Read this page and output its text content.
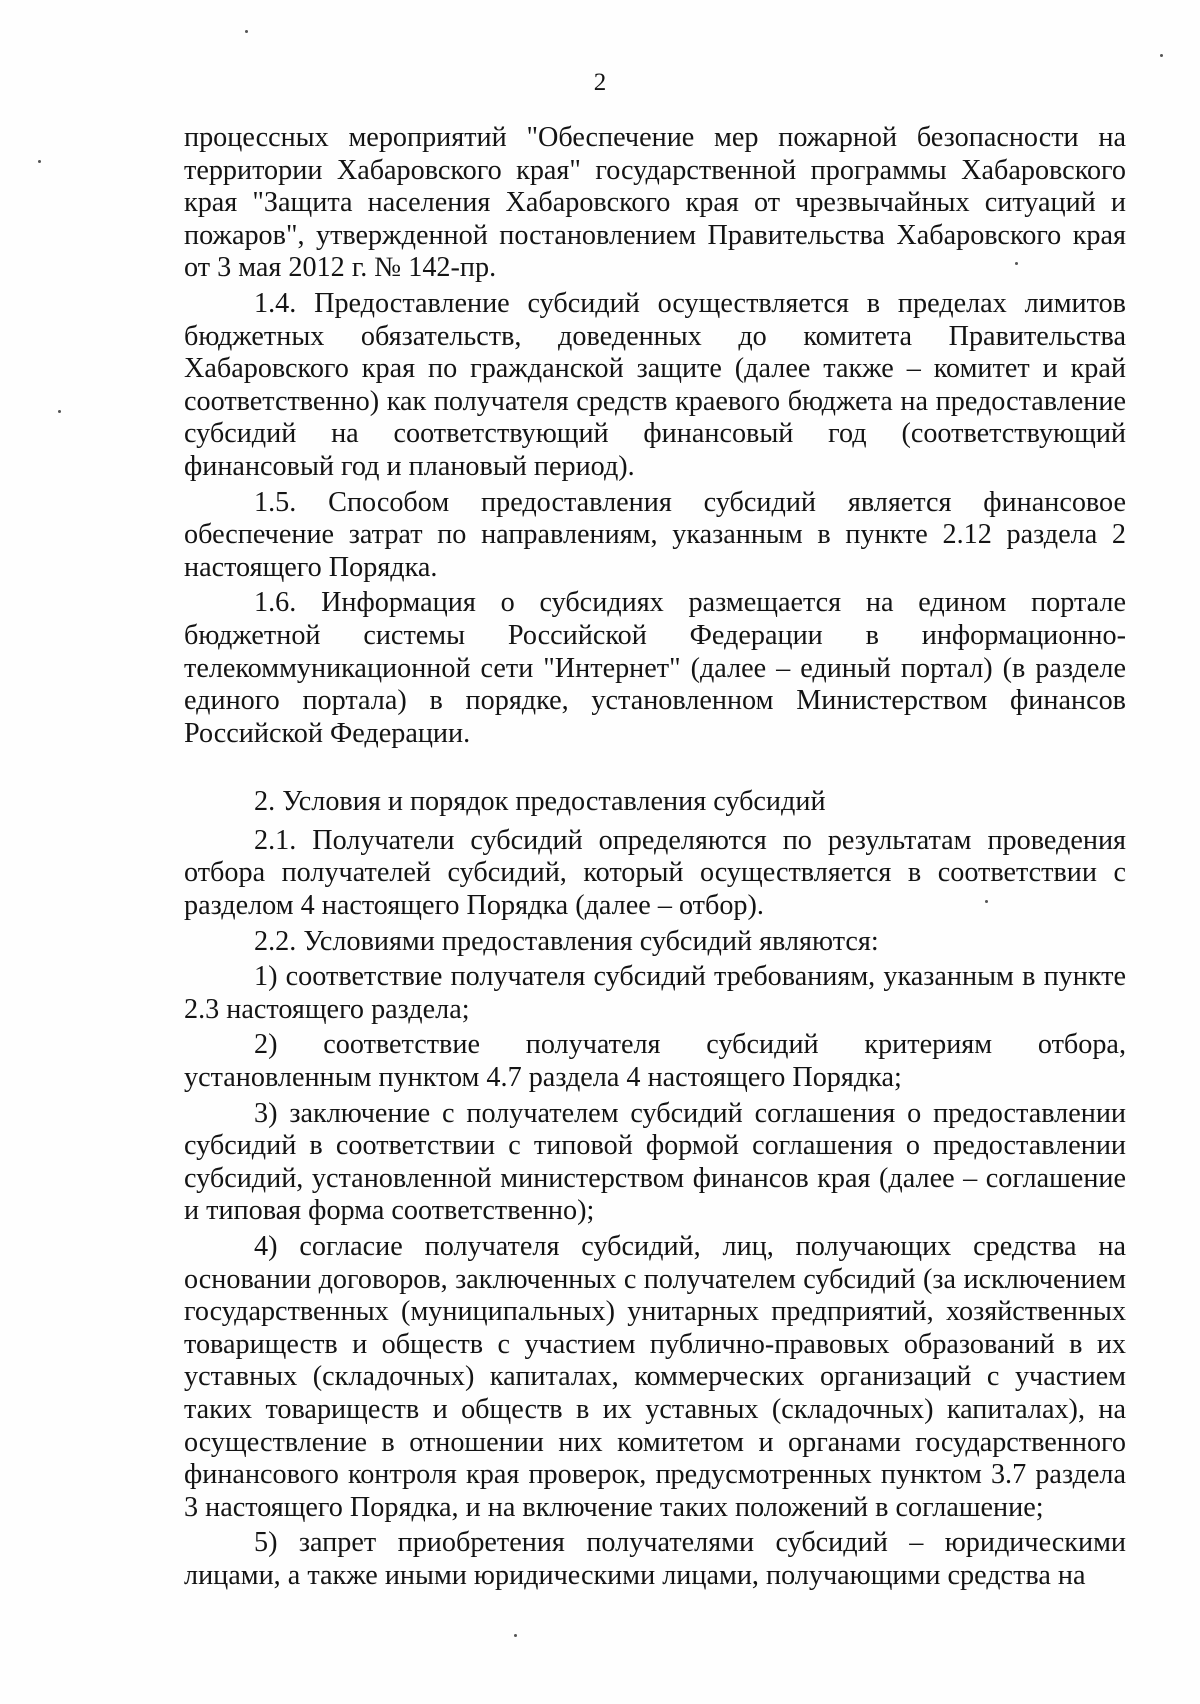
2

процессных мероприятий "Обеспечение мер пожарной безопасности на территории Хабаровского края" государственной программы Хабаровского края "Защита населения Хабаровского края от чрезвычайных ситуаций и пожаров", утвержденной постановлением Правительства Хабаровского края от 3 мая 2012 г. № 142-пр.

1.4. Предоставление субсидий осуществляется в пределах лимитов бюджетных обязательств, доведенных до комитета Правительства Хабаровского края по гражданской защите (далее также – комитет и край соответственно) как получателя средств краевого бюджета на предоставление субсидий на соответствующий финансовый год (соответствующий финансовый год и плановый период).

1.5. Способом предоставления субсидий является финансовое обеспечение затрат по направлениям, указанным в пункте 2.12 раздела 2 настоящего Порядка.

1.6. Информация о субсидиях размещается на едином портале бюджетной системы Российской Федерации в информационно-телекоммуникационной сети "Интернет" (далее – единый портал) (в разделе единого портала) в порядке, установленном Министерством финансов Российской Федерации.

2. Условия и порядок предоставления субсидий

2.1. Получатели субсидий определяются по результатам проведения отбора получателей субсидий, который осуществляется в соответствии с разделом 4 настоящего Порядка (далее – отбор).

2.2. Условиями предоставления субсидий являются:

1) соответствие получателя субсидий требованиям, указанным в пункте 2.3 настоящего раздела;

2) соответствие получателя субсидий критериям отбора, установленным пунктом 4.7 раздела 4 настоящего Порядка;

3) заключение с получателем субсидий соглашения о предоставлении субсидий в соответствии с типовой формой соглашения о предоставлении субсидий, установленной министерством финансов края (далее – соглашение и типовая форма соответственно);

4) согласие получателя субсидий, лиц, получающих средства на основании договоров, заключенных с получателем субсидий (за исключением государственных (муниципальных) унитарных предприятий, хозяйственных товариществ и обществ с участием публично-правовых образований в их уставных (складочных) капиталах, коммерческих организаций с участием таких товариществ и обществ в их уставных (складочных) капиталах), на осуществление в отношении них комитетом и органами государственного финансового контроля края проверок, предусмотренных пунктом 3.7 раздела 3 настоящего Порядка, и на включение таких положений в соглашение;

5) запрет приобретения получателями субсидий – юридическими лицами, а также иными юридическими лицами, получающими средства на
